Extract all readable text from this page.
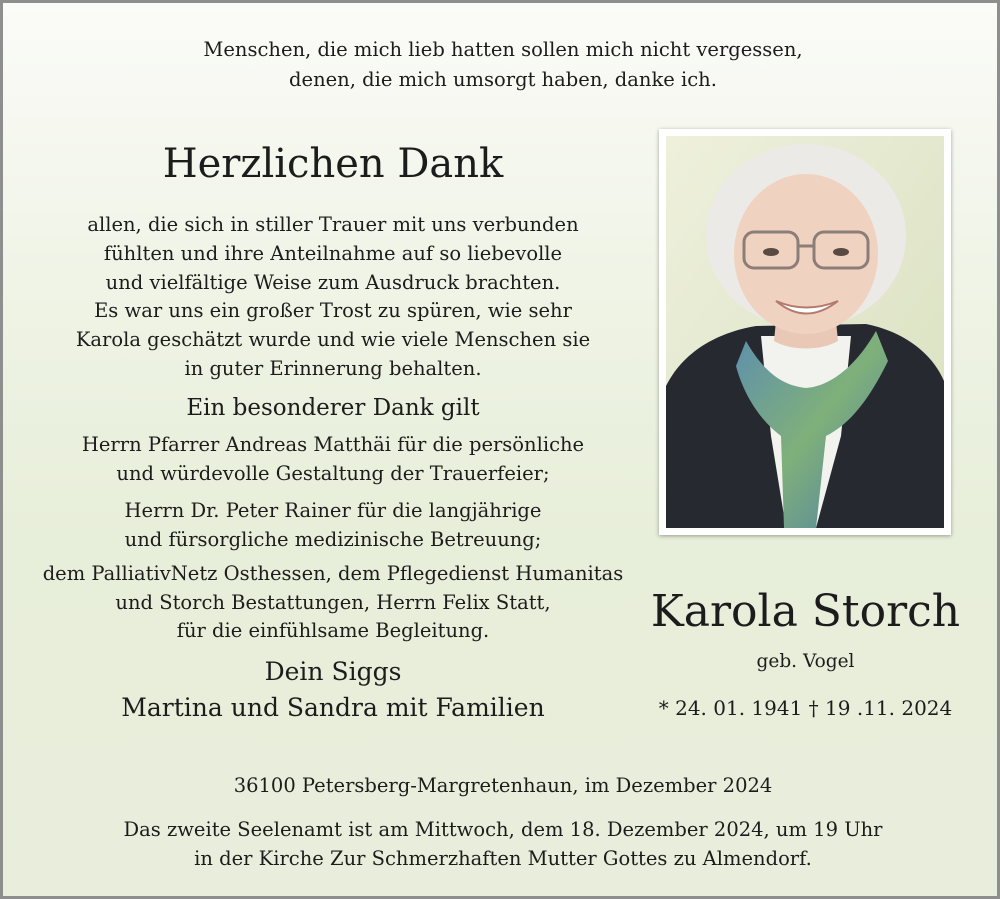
Menschen, die mich lieb hatten sollen mich nicht vergessen,
denen, die mich umsorgt haben, danke ich.
Herzlichen Dank
allen, die sich in stiller Trauer mit uns verbunden
fühlten und ihre Anteilnahme auf so liebevolle
und vielfältige Weise zum Ausdruck brachten.
Es war uns ein großer Trost zu spüren, wie sehr
Karola geschätzt wurde und wie viele Menschen sie
in guter Erinnerung behalten.
Ein besonderer Dank gilt
Herrn Pfarrer Andreas Matthäi für die persönliche
und würdevolle Gestaltung der Trauerfeier;
Herrn Dr. Peter Rainer für die langjährige
und fürsorgliche medizinische Betreuung;
dem PalliativNetz Osthessen, dem Pflegedienst Humanitas
und Storch Bestattungen, Herrn Felix Statt,
für die einfühlsame Begleitung.
Dein Siggs
Martina und Sandra mit Familien
Karola Storch
geb. Vogel
* 24. 01. 1941 † 19 .11. 2024
36100 Petersberg-Margretenhaun, im Dezember 2024
Das zweite Seelenamt ist am Mittwoch, dem 18. Dezember 2024, um 19 Uhr
in der Kirche Zur Schmerzhaften Mutter Gottes zu Almendorf.
